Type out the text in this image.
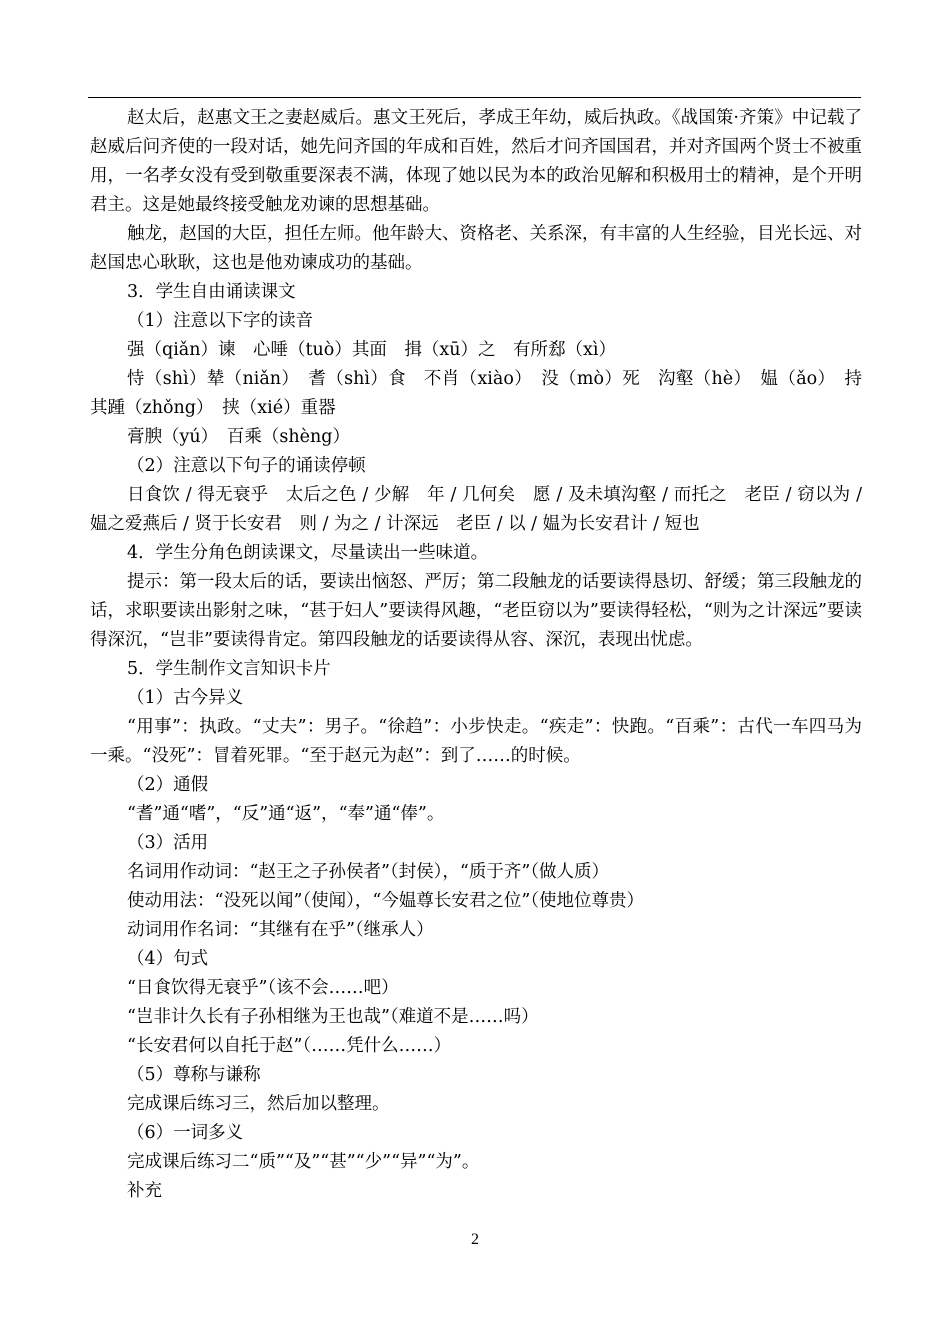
赵太后，赵惠文王之妻赵威后。惠文王死后，孝成王年幼，威后执政。《战国策·齐策》中记载了赵威后问齐使的一段对话，她先问齐国的年成和百姓，然后才问齐国国君，并对齐国两个贤士不被重用，一名孝女没有受到敬重要深表不满，体现了她以民为本的政治见解和积极用士的精神，是个开明君主。这是她最终接受触龙劝谏的思想基础。

触龙，赵国的大臣，担任左师。他年龄大、资格老、关系深，有丰富的人生经验，目光长远、对赵国忠心耿耿，这也是他劝谏成功的基础。

3．学生自由诵读课文

（1）注意以下字的读音

强（qiǎn）谏　心唾（tuò）其面　揖（xū）之　有所郄（xì）

恃（shì）辇（niǎn）　耆（shì）食　不肖（xiào）　没（mò）死　沟壑（hè）　媪（ǎo）　持其踵（zhǒng）　挟（xié）重器

膏腴（yú）　百乘（shèng）

（2）注意以下句子的诵读停顿

日食饮 / 得无衰乎　太后之色 / 少解　年 / 几何矣　愿 / 及未填沟壑 / 而托之　老臣 / 窃以为 / 媪之爱燕后 / 贤于长安君　则 / 为之 / 计深远　老臣 / 以 / 媪为长安君计 / 短也

4．学生分角色朗读课文，尽量读出一些味道。

提示：第一段太后的话，要读出恼怒、严厉；第二段触龙的话要读得恳切、舒缓；第三段触龙的话，求职要读出影射之味，“甚于妇人”要读得风趣，“老臣窃以为”要读得轻松，“则为之计深远”要读得深沉，“岂非”要读得肯定。第四段触龙的话要读得从容、深沉，表现出忧虑。

5．学生制作文言知识卡片

（1）古今异义

“用事”：执政。“丈夫”：男子。“徐趋”：小步快走。“疾走”：快跑。“百乘”：古代一车四马为一乘。“没死”：冒着死罪。“至于赵元为赵”：到了……的时候。

（2）通假

“耆”通“嗜”，“反”通“返”，“奉”通“俸”。

（3）活用

名词用作动词：“赵王之子孙侯者”（封侯），“质于齐”（做人质）

使动用法：“没死以闻”（使闻），“今媪尊长安君之位”（使地位尊贵）

动词用作名词：“其继有在乎”（继承人）

（4）句式

“日食饮得无衰乎”（该不会……吧）

“岂非计久长有子孙相继为王也哉”（难道不是……吗）

“长安君何以自托于赵”（……凭什么……）

（5）尊称与谦称

完成课后练习三，然后加以整理。

（6）一词多义

完成课后练习二“质”“及”“甚”“少”“异”“为”。

补充

2
